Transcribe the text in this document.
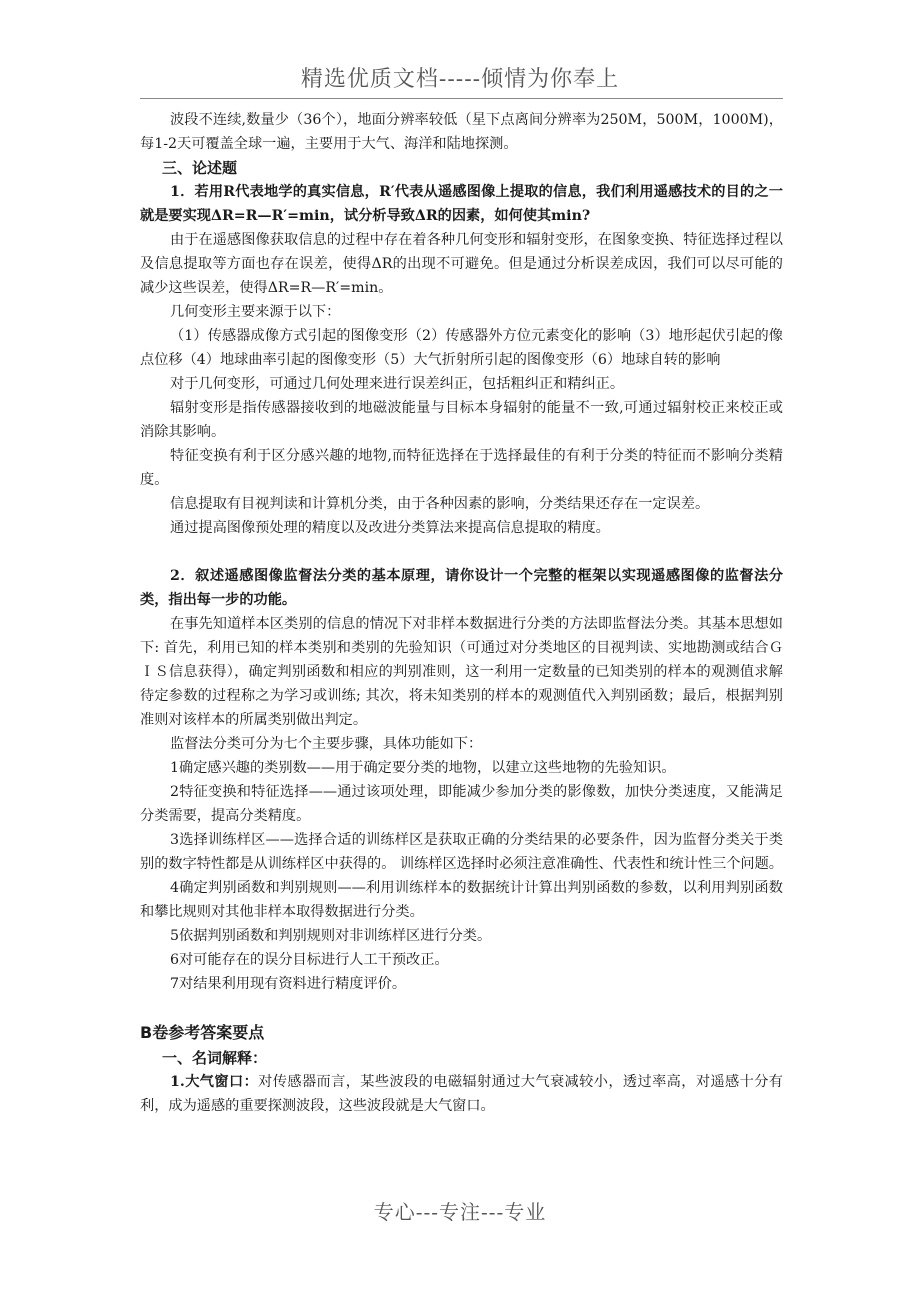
精选优质文档-----倾情为你奉上

波段不连续,数量少（36个），地面分辨率较低（星下点离间分辨率为250M，500M，1000M)，每1-2天可覆盖全球一遍，主要用于大气、海洋和陆地探测。

三、论述题

1．若用R代表地学的真实信息，R′代表从遥感图像上提取的信息，我们利用遥感技术的目的之一就是要实现ΔR=R—R′=min，试分析导致ΔR的因素，如何使其min?

由于在遥感图像获取信息的过程中存在着各种几何变形和辐射变形，在图象变换、特征选择过程以及信息提取等方面也存在误差，使得ΔR的出现不可避免。但是通过分析误差成因，我们可以尽可能的减少这些误差，使得ΔR=R—R′=min。

几何变形主要来源于以下：

（1）传感器成像方式引起的图像变形（2）传感器外方位元素变化的影响（3）地形起伏引起的像点位移（4）地球曲率引起的图像变形（5）大气折射所引起的图像变形（6）地球自转的影响

对于几何变形，可通过几何处理来进行误差纠正，包括粗纠正和精纠正。

辐射变形是指传感器接收到的地磁波能量与目标本身辐射的能量不一致,可通过辐射校正来校正或消除其影响。

特征变换有利于区分感兴趣的地物,而特征选择在于选择最佳的有利于分类的特征而不影响分类精度。

信息提取有目视判读和计算机分类，由于各种因素的影响，分类结果还存在一定误差。

通过提高图像预处理的精度以及改进分类算法来提高信息提取的精度。

2．叙述遥感图像监督法分类的基本原理，请你设计一个完整的框架以实现遥感图像的监督法分类，指出每一步的功能。

在事先知道样本区类别的信息的情况下对非样本数据进行分类的方法即监督法分类。其基本思想如下: 首先，利用已知的样本类别和类别的先验知识（可通过对分类地区的目视判读、实地勘测或结合ＧＩＳ信息获得），确定判别函数和相应的判别准则，这一利用一定数量的已知类别的样本的观测值求解待定参数的过程称之为学习或训练; 其次，将未知类别的样本的观测值代入判别函数；最后，根据判别准则对该样本的所属类别做出判定。

监督法分类可分为七个主要步骤，具体功能如下：

1确定感兴趣的类别数——用于确定要分类的地物，以建立这些地物的先验知识。

2特征变换和特征选择——通过该项处理，即能减少参加分类的影像数，加快分类速度，又能满足分类需要，提高分类精度。

3选择训练样区——选择合适的训练样区是获取正确的分类结果的必要条件，因为监督分类关于类别的数字特性都是从训练样区中获得的。 训练样区选择时必须注意准确性、代表性和统计性三个问题。

4确定判别函数和判别规则——利用训练样本的数据统计计算出判别函数的参数，以利用判别函数和攀比规则对其他非样本取得数据进行分类。

5依据判别函数和判别规则对非训练样区进行分类。

6对可能存在的误分目标进行人工干预改正。

7对结果利用现有资料进行精度评价。

B卷参考答案要点

一、名词解释：

1.大气窗口：对传感器而言，某些波段的电磁辐射通过大气衰减较小，透过率高，对遥感十分有利，成为遥感的重要探测波段，这些波段就是大气窗口。

专心---专注---专业
